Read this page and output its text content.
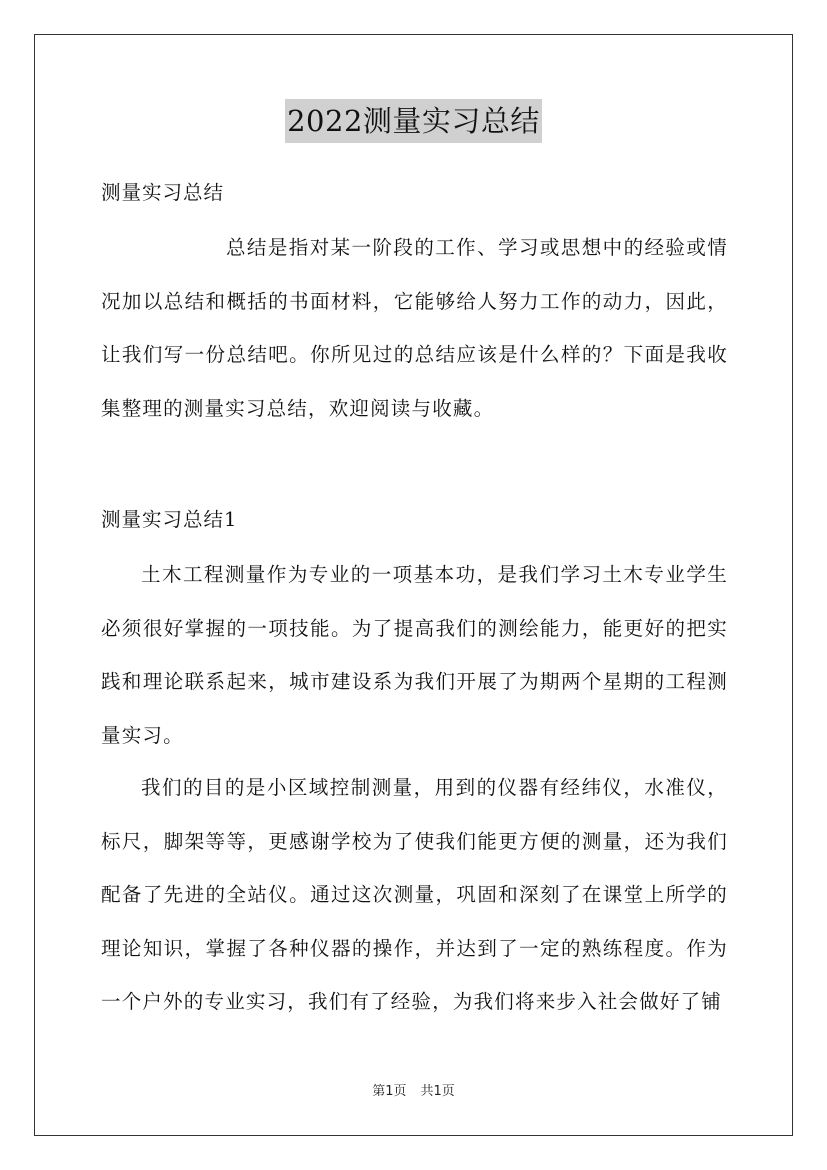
2022测量实习总结
测量实习总结

总结是指对某一阶段的工作、学习或思想中的经验或情况加以总结和概括的书面材料，它能够给人努力工作的动力，因此，让我们写一份总结吧。你所见过的总结应该是什么样的？下面是我收集整理的测量实习总结，欢迎阅读与收藏。

测量实习总结1

土木工程测量作为专业的一项基本功，是我们学习土木专业学生必须很好掌握的一项技能。为了提高我们的测绘能力，能更好的把实践和理论联系起来，城市建设系为我们开展了为期两个星期的工程测量实习。

我们的目的是小区域控制测量，用到的仪器有经纬仪，水准仪，标尺，脚架等等，更感谢学校为了使我们能更方便的测量，还为我们配备了先进的全站仪。通过这次测量，巩固和深刻了在课堂上所学的理论知识，掌握了各种仪器的操作，并达到了一定的熟练程度。作为一个户外的专业实习，我们有了经验，为我们将来步入社会做好了铺

第1页 共1页
